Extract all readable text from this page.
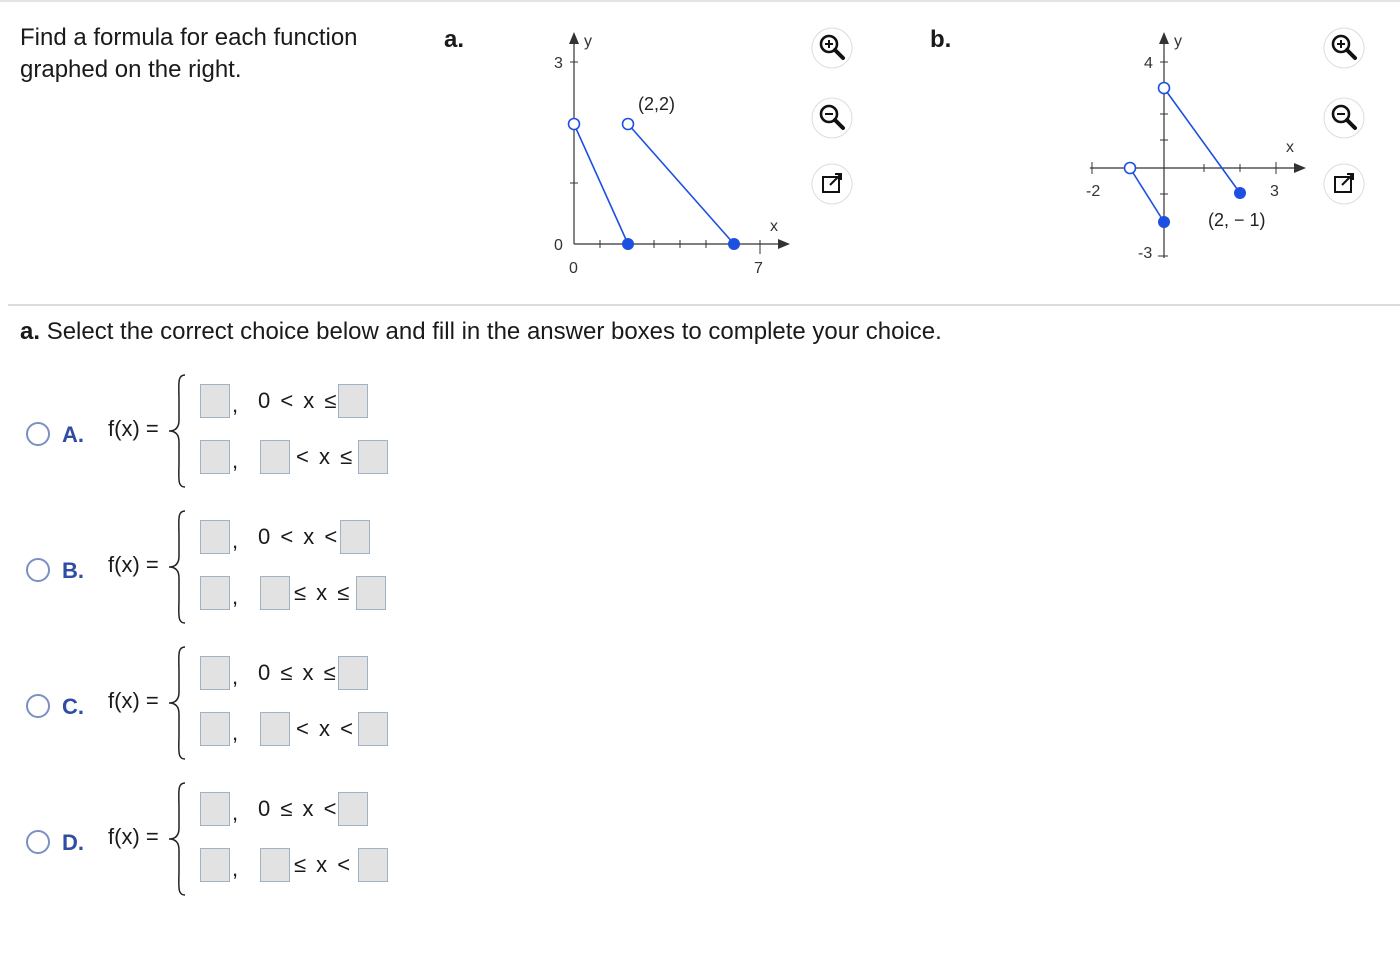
Find a formula for each function graphed on the right.
a.	y
x
3
0
0	7
(2,2)
b.	y
x
4
-3
-2	3
(2, − 1)
a. Select the correct choice below and fill in the answer boxes to complete your choice.
A. f(x) =
, 0 < x ≤
,	< x ≤
B. f(x) =
, 0 < x <
,	≤ x ≤
C. f(x) =
, 0 ≤ x ≤
,	< x <
D. f(x) =
, 0 ≤ x <
,	≤ x <
